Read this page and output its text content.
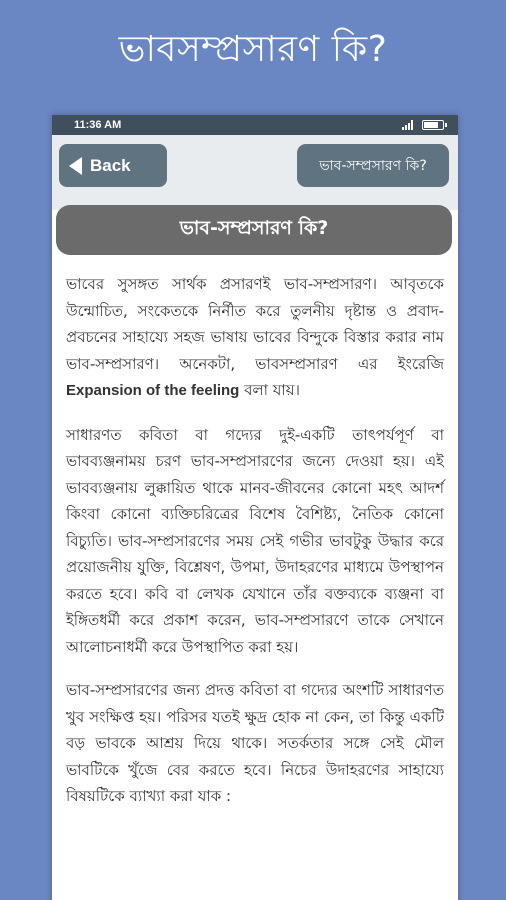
ভাবসম্প্রসারণ কি?
11:36 AM
Back	ভাব-সম্প্রসারণ কি?
ভাব-সম্প্রসারণ কি?

ভাবের সুসঙ্গত সার্থক প্রসারণই ভাব-সম্প্রসারণ। আবৃতকে উন্মোচিত, সংকেতকে নির্নীত করে তুলনীয় দৃষ্টান্ত ও প্রবাদ-প্রবচনের সাহায্যে সহজ ভাষায় ভাবের বিন্দুকে বিস্তার করার নাম ভাব-সম্প্রসারণ। অনেকটা, ভাবসম্প্রসারণ এর ইংরেজি Expansion of the feeling বলা যায়।

সাধারণত কবিতা বা গদ্যের দুই-একটি তাৎপর্যপূর্ণ বা ভাবব্যঞ্জনাময় চরণ ভাব-সম্প্রসারণের জন্যে দেওয়া হয়। এই ভাবব্যঞ্জনায় লুক্কায়িত থাকে মানব-জীবনের কোনো মহৎ আদর্শ কিংবা কোনো ব্যক্তিচরিত্রের বিশেষ বৈশিষ্ট্য, নৈতিক কোনো বিচ্যুতি। ভাব-সম্প্রসারণের সময় সেই গভীর ভাবটুকু উদ্ধার করে প্রয়োজনীয় যুক্তি, বিশ্লেষণ, উপমা, উদাহরণের মাধ্যমে উপস্থাপন করতে হবে। কবি বা লেখক যেখানে তাঁর বক্তব্যকে ব্যঞ্জনা বা ইঙ্গিতধর্মী করে প্রকাশ করেন, ভাব-সম্প্রসারণে তাকে সেখানে আলোচনাধর্মী করে উপস্থাপিত করা হয়।

ভাব-সম্প্রসারণের জন্য প্রদত্ত কবিতা বা গদ্যের অংশটি সাধারণত খুব সংক্ষিপ্ত হয়। পরিসর যতই ক্ষুদ্র হোক না কেন, তা কিন্তু একটি বড় ভাবকে আশ্রয় দিয়ে থাকে। সতর্কতার সঙ্গে সেই মৌল ভাবটিকে খুঁজে বের করতে হবে। নিচের উদাহরণের সাহায্যে বিষয়টিকে ব্যাখ্যা করা যাক :
